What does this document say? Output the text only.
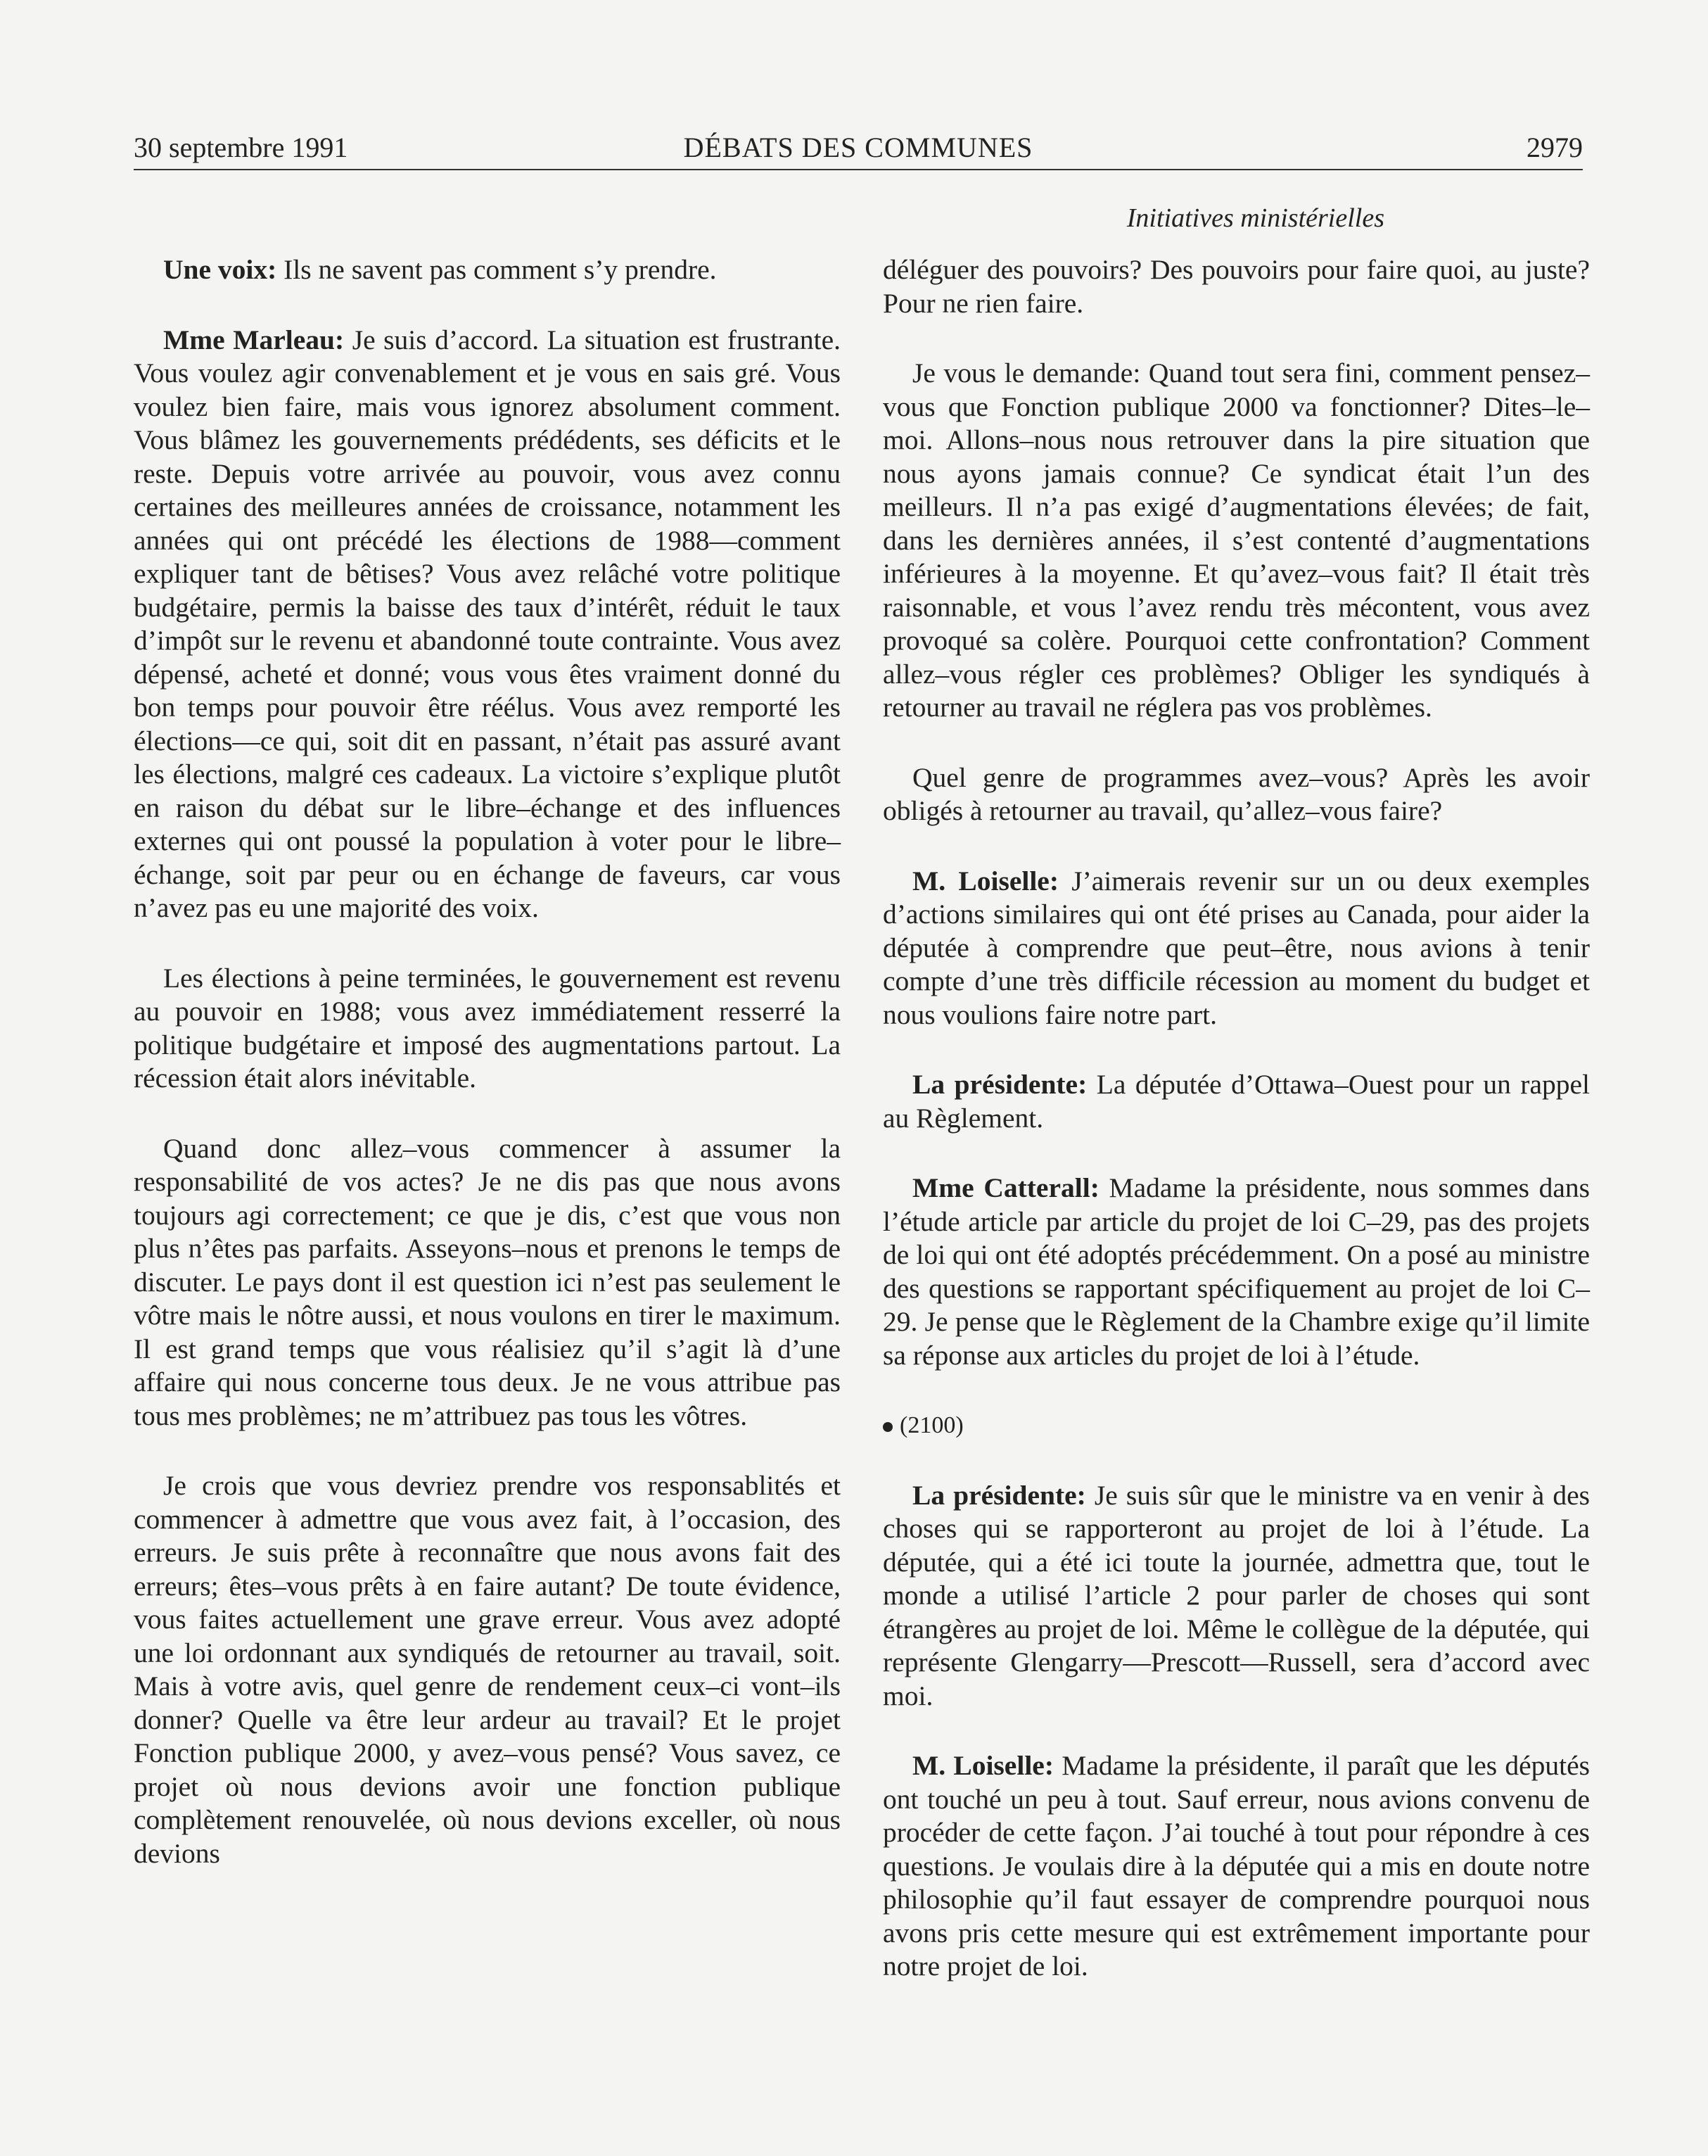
30 septembre 1991	DÉBATS DES COMMUNES	2979
Initiatives ministérielles

Une voix: Ils ne savent pas comment s’y prendre.

Mme Marleau: Je suis d’accord. La situation est frustrante. Vous voulez agir convenablement et je vous en sais gré. Vous voulez bien faire, mais vous ignorez absolument comment. Vous blâmez les gouvernements prédédents, ses déficits et le reste. Depuis votre arrivée au pouvoir, vous avez connu certaines des meilleures années de croissance, notamment les années qui ont précédé les élections de 1988—comment expliquer tant de bêtises? Vous avez relâché votre politique budgétaire, permis la baisse des taux d’intérêt, réduit le taux d’impôt sur le revenu et abandonné toute contrainte. Vous avez dépensé, acheté et donné; vous vous êtes vraiment donné du bon temps pour pouvoir être réélus. Vous avez remporté les élections—ce qui, soit dit en passant, n’était pas assuré avant les élections, malgré ces cadeaux. La victoire s’explique plutôt en raison du débat sur le libre–échange et des influences externes qui ont poussé la population à voter pour le libre–échange, soit par peur ou en échange de faveurs, car vous n’avez pas eu une majorité des voix.

Les élections à peine terminées, le gouvernement est revenu au pouvoir en 1988; vous avez immédiatement resserré la politique budgétaire et imposé des augmentations partout. La récession était alors inévitable.

Quand donc allez–vous commencer à assumer la responsabilité de vos actes? Je ne dis pas que nous avons toujours agi correctement; ce que je dis, c’est que vous non plus n’êtes pas parfaits. Asseyons–nous et prenons le temps de discuter. Le pays dont il est question ici n’est pas seulement le vôtre mais le nôtre aussi, et nous voulons en tirer le maximum. Il est grand temps que vous réalisiez qu’il s’agit là d’une affaire qui nous concerne tous deux. Je ne vous attribue pas tous mes problèmes; ne m’attribuez pas tous les vôtres.

Je crois que vous devriez prendre vos responsablités et commencer à admettre que vous avez fait, à l’occasion, des erreurs. Je suis prête à reconnaître que nous avons fait des erreurs; êtes–vous prêts à en faire autant? De toute évidence, vous faites actuellement une grave erreur. Vous avez adopté une loi ordonnant aux syndiqués de retourner au travail, soit. Mais à votre avis, quel genre de rendement ceux–ci vont–ils donner? Quelle va être leur ardeur au travail? Et le projet Fonction publique 2000, y avez–vous pensé? Vous savez, ce projet où nous devions avoir une fonction publique complètement renouvelée, où nous devions exceller, où nous devions

déléguer des pouvoirs? Des pouvoirs pour faire quoi, au juste? Pour ne rien faire.

Je vous le demande: Quand tout sera fini, comment pensez–vous que Fonction publique 2000 va fonctionner? Dites–le–moi. Allons–nous nous retrouver dans la pire situation que nous ayons jamais connue? Ce syndicat était l’un des meilleurs. Il n’a pas exigé d’augmentations élevées; de fait, dans les dernières années, il s’est contenté d’augmentations inférieures à la moyenne. Et qu’avez–vous fait? Il était très raisonnable, et vous l’avez rendu très mécontent, vous avez provoqué sa colère. Pourquoi cette confrontation? Comment allez–vous régler ces problèmes? Obliger les syndiqués à retourner au travail ne réglera pas vos problèmes.

Quel genre de programmes avez–vous? Après les avoir obligés à retourner au travail, qu’allez–vous faire?

M. Loiselle: J’aimerais revenir sur un ou deux exemples d’actions similaires qui ont été prises au Canada, pour aider la députée à comprendre que peut–être, nous avions à tenir compte d’une très difficile récession au moment du budget et nous voulions faire notre part.

La présidente: La députée d’Ottawa–Ouest pour un rappel au Règlement.

Mme Catterall: Madame la présidente, nous sommes dans l’étude article par article du projet de loi C–29, pas des projets de loi qui ont été adoptés précédemment. On a posé au ministre des questions se rapportant spécifiquement au projet de loi C–29. Je pense que le Règlement de la Chambre exige qu’il limite sa réponse aux articles du projet de loi à l’étude.

(2100)

La présidente: Je suis sûr que le ministre va en venir à des choses qui se rapporteront au projet de loi à l’étude. La députée, qui a été ici toute la journée, admettra que, tout le monde a utilisé l’article 2 pour parler de choses qui sont étrangères au projet de loi. Même le collègue de la députée, qui représente Glengarry—Prescott—Russell, sera d’accord avec moi.

M. Loiselle: Madame la présidente, il paraît que les députés ont touché un peu à tout. Sauf erreur, nous avions convenu de procéder de cette façon. J’ai touché à tout pour répondre à ces questions. Je voulais dire à la députée qui a mis en doute notre philosophie qu’il faut essayer de comprendre pourquoi nous avons pris cette mesure qui est extrêmement importante pour notre projet de loi.
